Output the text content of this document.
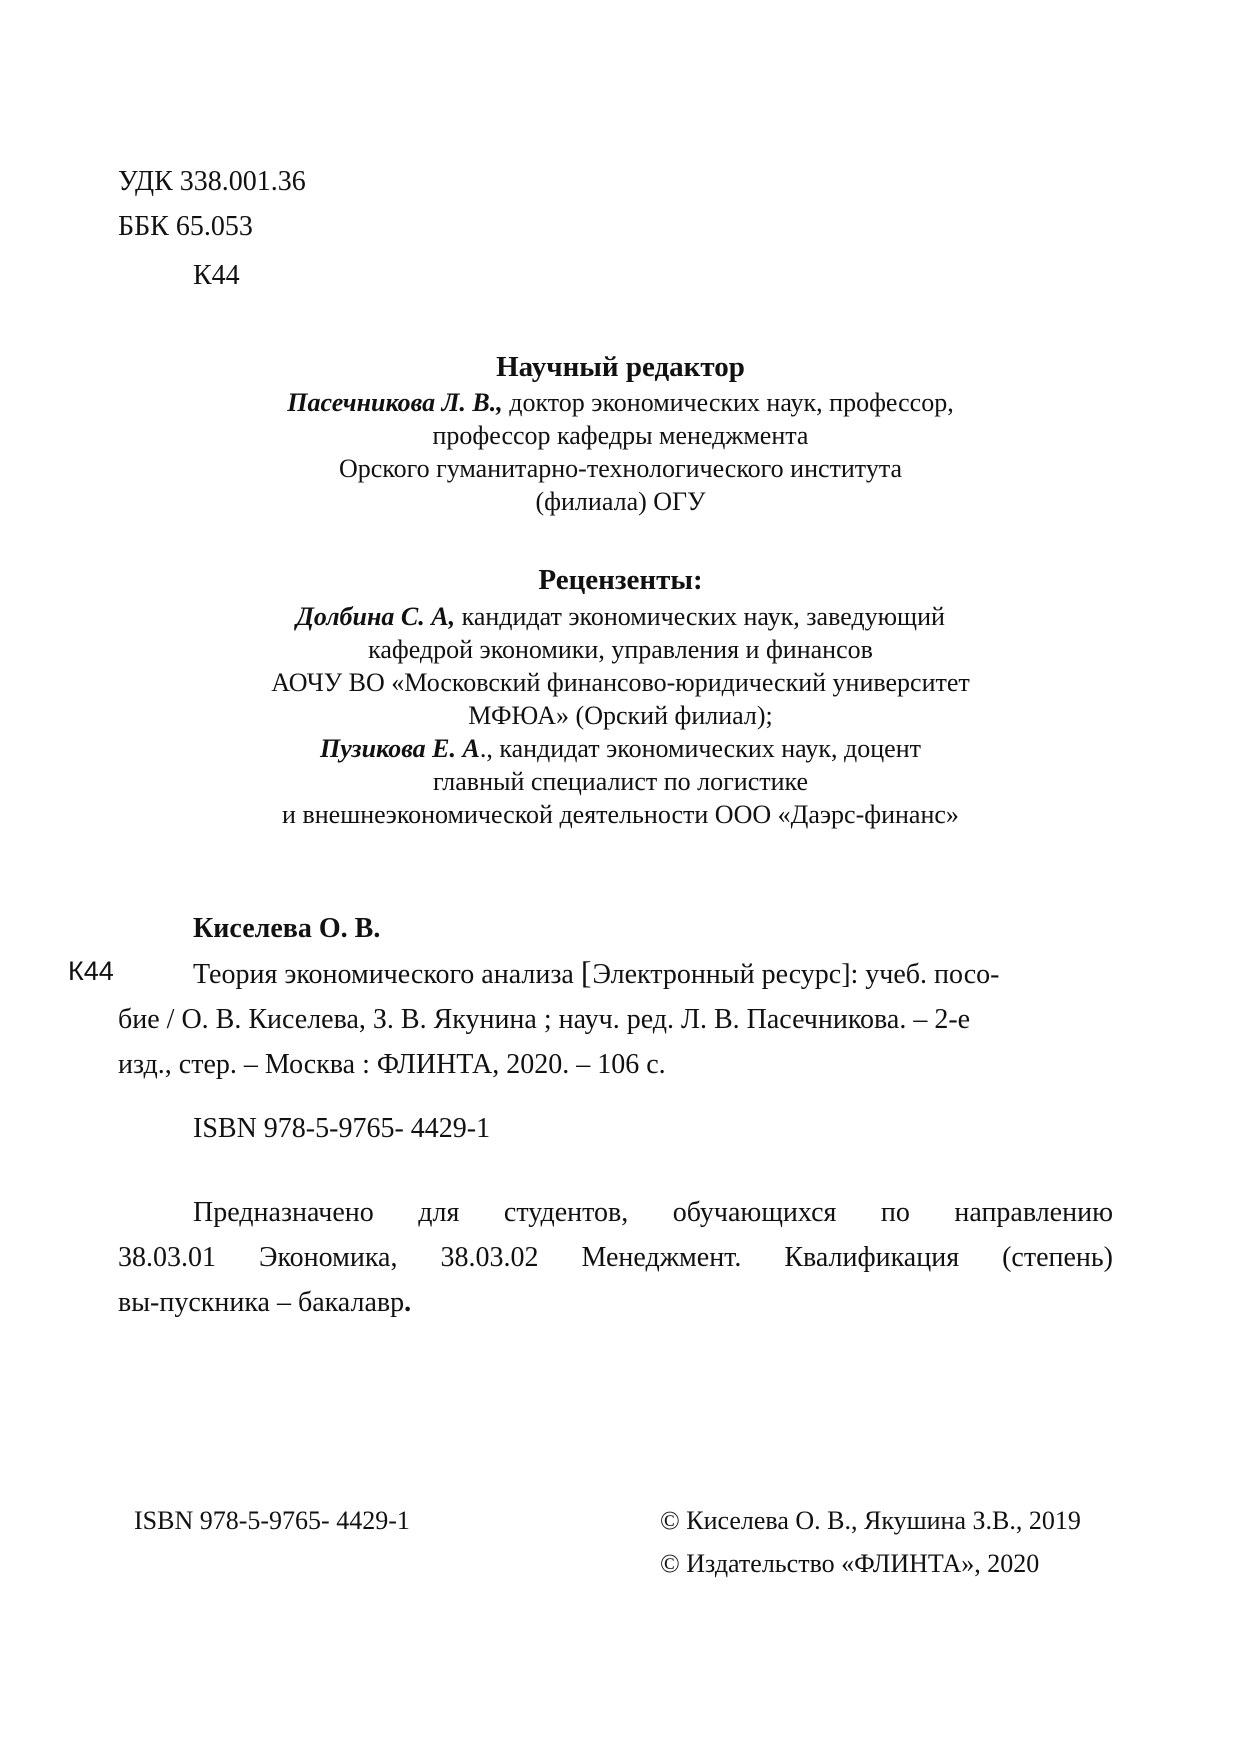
УДК 338.001.36
ББК 65.053
К44
Научный редактор
Пасечникова Л. В., доктор экономических наук, профессор,
профессор кафедры менеджмента
Орского гуманитарно-технологического института
(филиала) ОГУ
Рецензенты:
Долбина С. А, кандидат экономических наук, заведующий
кафедрой экономики, управления и финансов
АОЧУ ВО «Московский финансово-юридический университет
МФЮА» (Орский филиал);
Пузикова Е. А., кандидат экономических наук, доцент
главный специалист по логистике
и внешнеэкономической деятельности ООО «Даэрс-финанс»
Киселева О. В.
К44	Теория экономического анализа [Электронный ресурс]: учеб. посо-
бие / О. В. Киселева, З. В. Якунина ; науч. ред. Л. В. Пасечникова. – 2-е
изд., стер. – Москва : ФЛИНТА, 2020. – 106 с.
ISBN 978-5-9765- 4429-1
Предназначено для студентов, обучающихся по направлению
38.03.01 Экономика, 38.03.02 Менеджмент. Квалификация (степень)
вы-пускника – бакалавр.
ISBN 978-5-9765- 4429-1	© Киселева О. В., Якушина З.В., 2019
© Издательство «ФЛИНТА», 2020
